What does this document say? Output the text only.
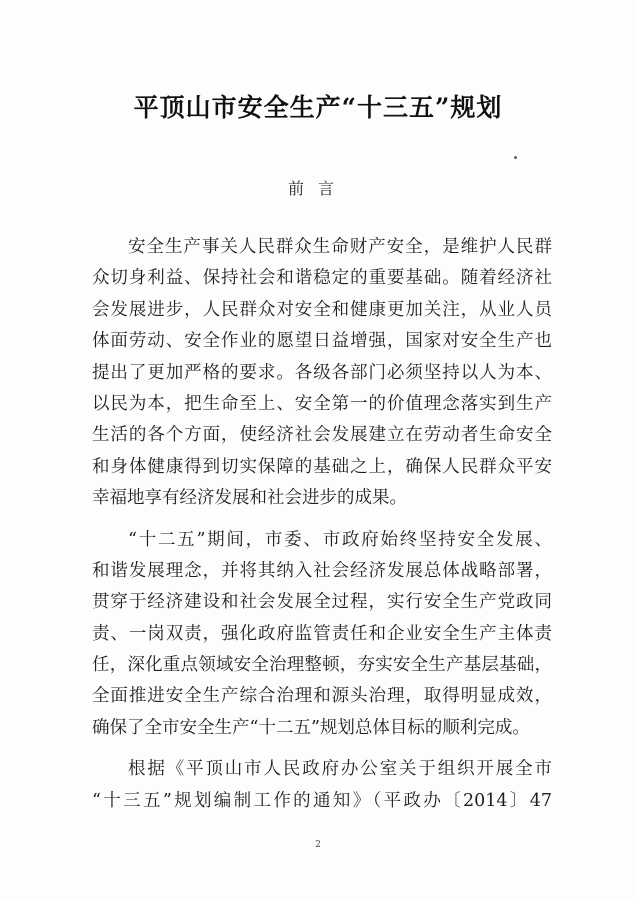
平顶山市安全生产“十三五”规划
前言
安全生产事关人民群众生命财产安全，是维护人民群
众切身利益、保持社会和谐稳定的重要基础。随着经济社
会发展进步，人民群众对安全和健康更加关注，从业人员
体面劳动、安全作业的愿望日益增强，国家对安全生产也
提出了更加严格的要求。各级各部门必须坚持以人为本、
以民为本，把生命至上、安全第一的价值理念落实到生产
生活的各个方面，使经济社会发展建立在劳动者生命安全
和身体健康得到切实保障的基础之上，确保人民群众平安
幸福地享有经济发展和社会进步的成果。
“十二五”期间，市委、市政府始终坚持安全发展、
和谐发展理念，并将其纳入社会经济发展总体战略部署，
贯穿于经济建设和社会发展全过程，实行安全生产党政同
责、一岗双责，强化政府监管责任和企业安全生产主体责
任，深化重点领域安全治理整顿，夯实安全生产基层基础，
全面推进安全生产综合治理和源头治理，取得明显成效，
确保了全市安全生产“十二五”规划总体目标的顺利完成。
根据《平顶山市人民政府办公室关于组织开展全市
“十三五”规划编制工作的通知》（平政办〔2014〕47
2
